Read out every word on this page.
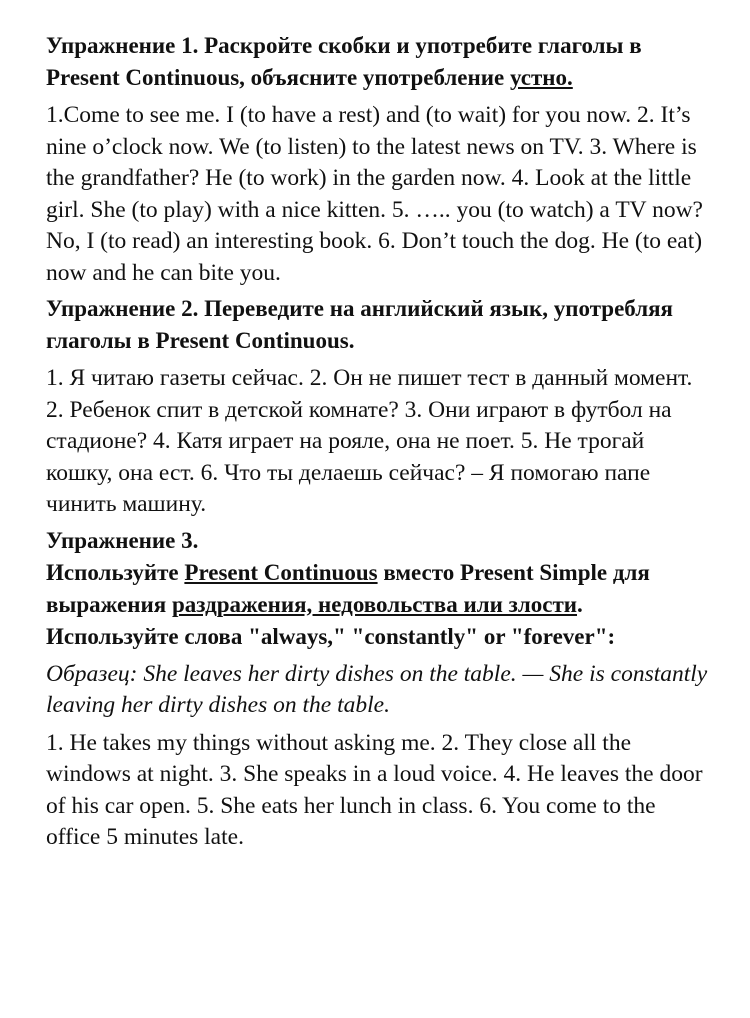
Упражнение 1. Раскройте скобки и употребите глаголы в Present Continuous, объясните употребление устно.

1.Come to see me. I (to have a rest) and (to wait) for you now. 2. It’s nine o’clock now. We (to listen) to the latest news on TV. 3. Where is the grandfather? He (to work) in the garden now. 4. Look at the little girl. She (to play) with a nice kitten. 5. ….. you (to watch) a TV now? No, I (to read) an interesting book. 6. Don’t touch the dog. He (to eat) now and he can bite you.

Упражнение 2. Переведите на английский язык, употребляя глаголы в Present Continuous.

1. Я читаю газеты сейчас. 2. Он не пишет тест в данный момент. 2. Ребенок спит в детской комнате? 3. Они играют в футбол на стадионе? 4. Катя играет на рояле, она не поет. 5. Не трогай кошку, она ест. 6. Что ты делаешь сейчас? – Я помогаю папе чинить машину.

Упражнение 3.

Используйте Present Continuous вместо Present Simple для выражения раздражения, недовольства или злости. Используйте слова "always," "constantly" or "forever":

Образец: She leaves her dirty dishes on the table. — She is constantly leaving her dirty dishes on the table.

1. He takes my things without asking me. 2. They close all the windows at night. 3. She speaks in a loud voice. 4. He leaves the door of his car open. 5. She eats her lunch in class. 6. You come to the office 5 minutes late.
